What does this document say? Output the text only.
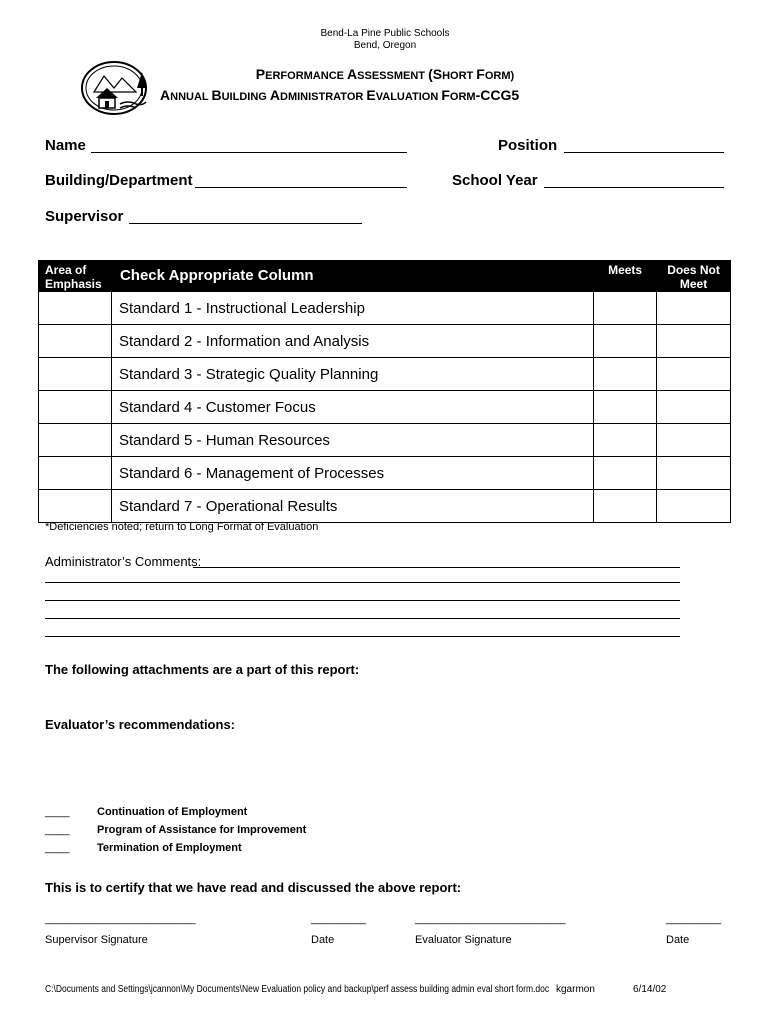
Bend-La Pine Public Schools
Bend, Oregon
PERFORMANCE ASSESSMENT (SHORT FORM)
ANNUAL BUILDING ADMINISTRATOR EVALUATION FORM-CCG5
Name	Position
Building/Department	School Year
Supervisor
Area of Emphasis	Check Appropriate Column	Meets	Does Not Meet
	Standard 1 - Instructional Leadership		
	Standard 2 - Information and Analysis		
	Standard 3 - Strategic Quality Planning		
	Standard 4 - Customer Focus		
	Standard 5 - Human Resources		
	Standard 6 - Management of Processes		
	Standard 7 - Operational Results		
*Deficiencies noted; return to Long Format of Evaluation
Administrator’s Comments:
The following attachments are a part of this report:
Evaluator’s recommendations:
____	Continuation of Employment
____	Program of Assistance for Improvement
____	Termination of Employment
This is to certify that we have read and discussed the above report:
______________________________	___________	______________________________	___________
Supervisor Signature	Date	Evaluator Signature	Date
C:\Documents and Settings\jcannon\My Documents\New Evaluation policy and backup\perf assess building admin eval short form.doc kgarmon	6/14/02
